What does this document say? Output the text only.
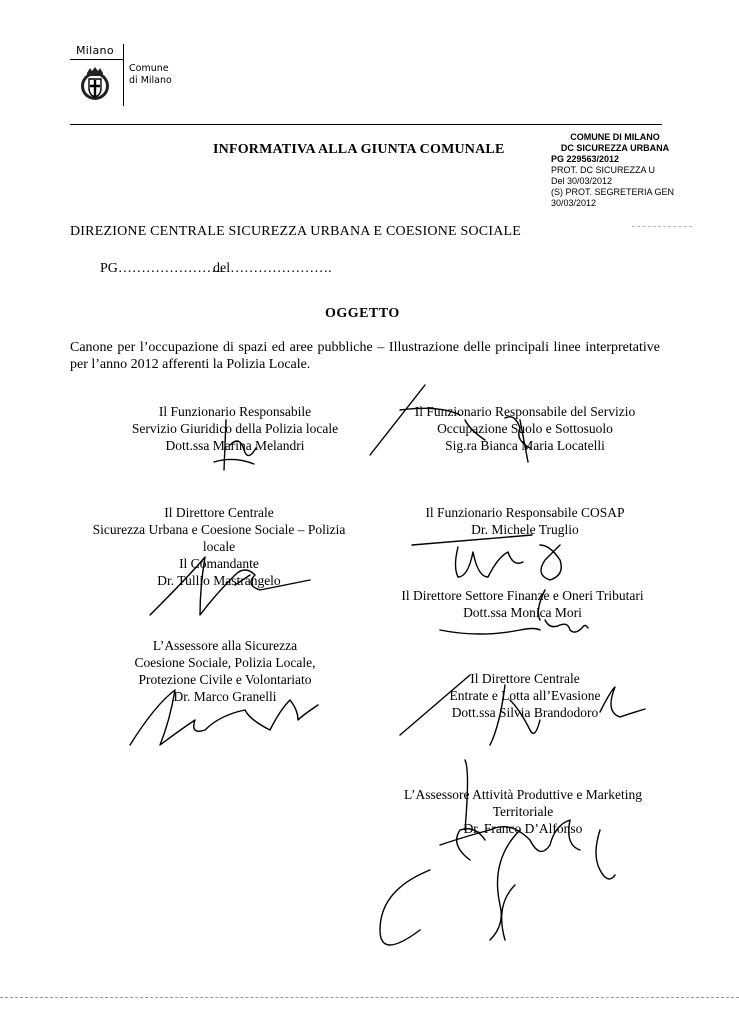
Milano
Comune
di Milano
INFORMATIVA ALLA GIUNTA COMUNALE
COMUNE DI MILANO
DC SICUREZZA URBANA
PG 229563/2012
PROT. DC SICUREZZA U
Del 30/03/2012
(S) PROT. SEGRETERIA GEN
30/03/2012
DIREZIONE CENTRALE SICUREZZA URBANA E COESIONE SOCIALE
PG…………………..
del………………….
OGGETTO
Canone per l’occupazione di spazi ed aree pubbliche – Illustrazione delle principali linee interpretative per l’anno 2012 afferenti la Polizia Locale.
Il Funzionario Responsabile
Servizio Giuridico della Polizia locale
Dott.ssa Marina Melandri
Il Funzionario Responsabile del Servizio
Occupazione Suolo e Sottosuolo
Sig.ra Bianca Maria Locatelli
Il Direttore Centrale
Sicurezza Urbana e Coesione Sociale – Polizia
locale
Il Comandante
Dr. Tullio Mastrangelo
Il Funzionario Responsabile COSAP
Dr. Michele Truglio
Il Direttore Settore Finanze e Oneri Tributari
Dott.ssa Monica Mori
L’Assessore alla Sicurezza
Coesione Sociale, Polizia Locale,
Protezione Civile e Volontariato
Dr. Marco Granelli
Il Direttore Centrale
Entrate e Lotta all’Evasione
Dott.ssa Silvia Brandodoro
L’Assessore Attività Produttive e Marketing
Territoriale
Dr. Franco D’Alfonso
